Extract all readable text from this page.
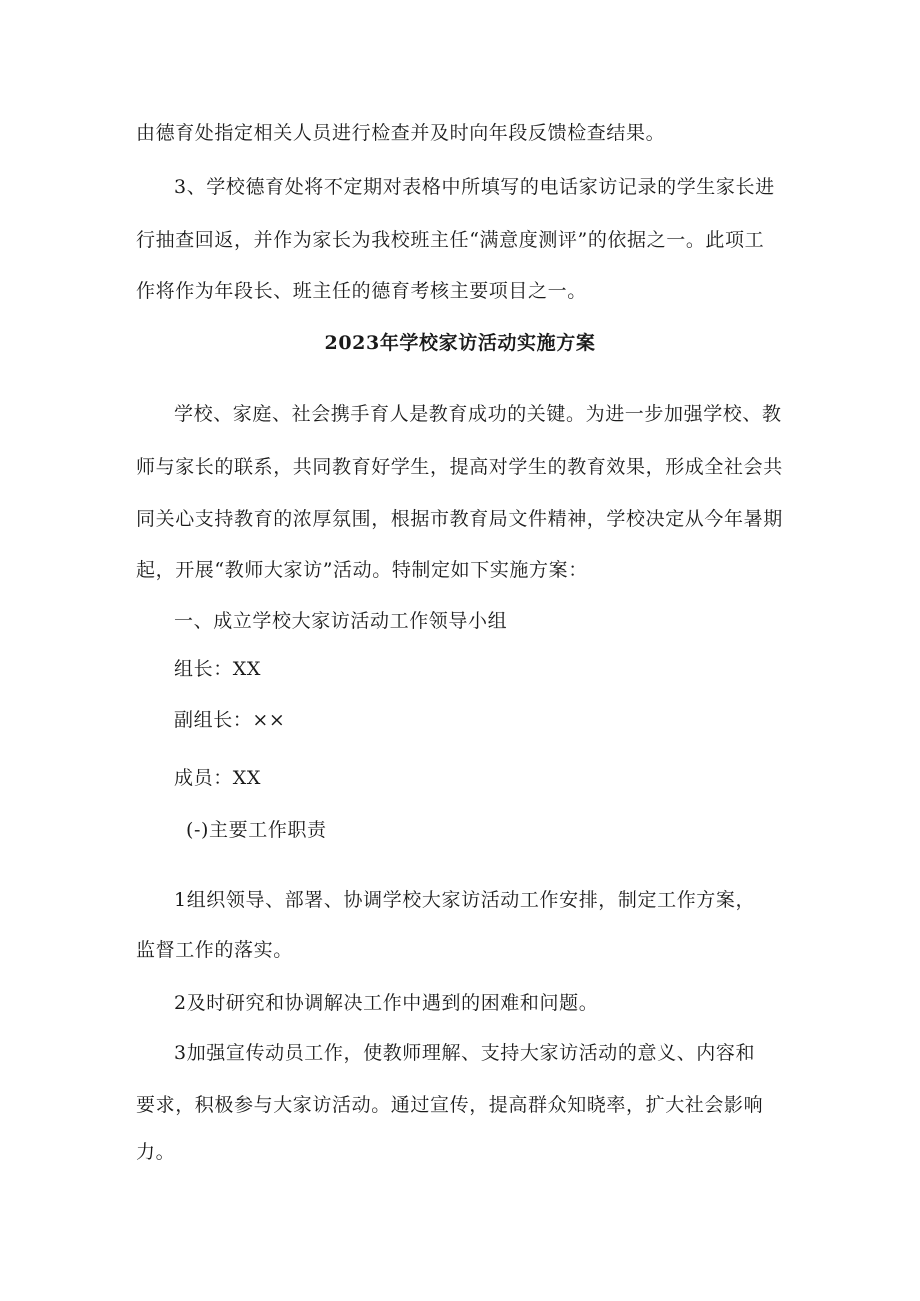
由德育处指定相关人员进行检查并及时向年段反馈检查结果。
3、学校德育处将不定期对表格中所填写的电话家访记录的学生家长进
行抽查回返，并作为家长为我校班主任“满意度测评”的依据之一。此项工
作将作为年段长、班主任的德育考核主要项目之一。
2023年学校家访活动实施方案
学校、家庭、社会携手育人是教育成功的关键。为进一步加强学校、教
师与家长的联系，共同教育好学生，提高对学生的教育效果，形成全社会共
同关心支持教育的浓厚氛围，根据市教育局文件精神，学校决定从今年暑期
起，开展“教师大家访”活动。特制定如下实施方案：
一、成立学校大家访活动工作领导小组
组长：XX
副组长：××
成员：XX
(-)主要工作职责
1组织领导、部署、协调学校大家访活动工作安排，制定工作方案，
监督工作的落实。
2及时研究和协调解决工作中遇到的困难和问题。
3加强宣传动员工作，使教师理解、支持大家访活动的意义、内容和
要求，积极参与大家访活动。通过宣传，提高群众知晓率，扩大社会影响
力。
